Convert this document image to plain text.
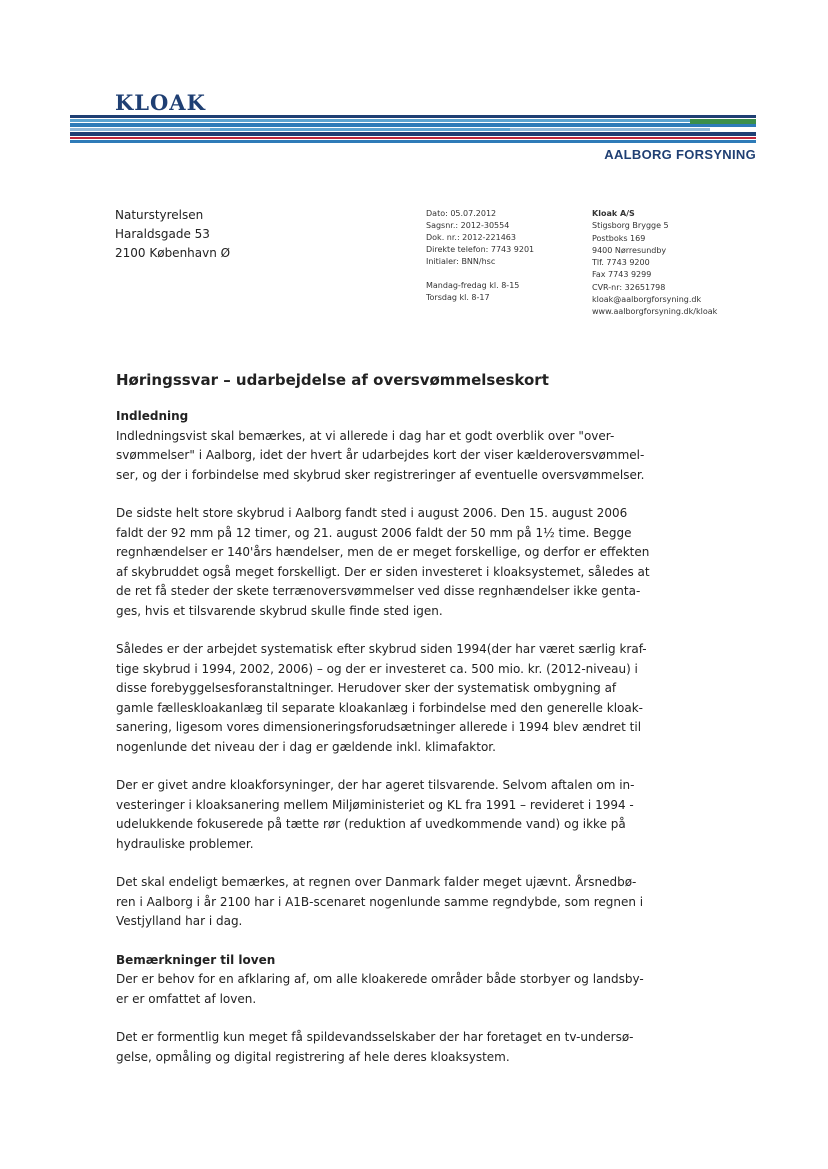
KLOAK
AALBORG FORSYNING
Naturstyrelsen
Haraldsgade 53
2100 København Ø
Dato: 05.07.2012
Sagsnr.: 2012-30554
Dok. nr.: 2012-221463
Direkte telefon: 7743 9201
Initialer: BNN/hsc
Mandag-fredag kl. 8-15
Torsdag kl. 8-17
Kloak A/S
Stigsborg Brygge 5
Postboks 169
9400 Nørresundby
Tlf. 7743 9200
Fax 7743 9299
CVR-nr: 32651798
kloak@aalborgforsyning.dk
www.aalborgforsyning.dk/kloak
Høringssvar – udarbejdelse af oversvømmelseskort
Indledning

Indledningsvist skal bemærkes, at vi allerede i dag har et godt overblik over "over-
svømmelser" i Aalborg, idet der hvert år udarbejdes kort der viser kælderoversvømmel-
ser, og der i forbindelse med skybrud sker registreringer af eventuelle oversvømmelser.

De sidste helt store skybrud i Aalborg fandt sted i august 2006. Den 15. august 2006
faldt der 92 mm på 12 timer, og 21. august 2006 faldt der 50 mm på 1½ time. Begge
regnhændelser er 140'års hændelser, men de er meget forskellige, og derfor er effekten
af skybruddet også meget forskelligt. Der er siden investeret i kloaksystemet, således at
de ret få steder der skete terrænoversvømmelser ved disse regnhændelser ikke genta-
ges, hvis et tilsvarende skybrud skulle finde sted igen.

Således er der arbejdet systematisk efter skybrud siden 1994(der har været særlig kraf-
tige skybrud i 1994, 2002, 2006) – og der er investeret ca. 500 mio. kr. (2012-niveau) i
disse forebyggelsesforanstaltninger. Herudover sker der systematisk ombygning af
gamle fælleskloakanlæg til separate kloakanlæg i forbindelse med den generelle kloak-
sanering, ligesom vores dimensioneringsforudsætninger allerede i 1994 blev ændret til
nogenlunde det niveau der i dag er gældende inkl. klimafaktor.

Der er givet andre kloakforsyninger, der har ageret tilsvarende. Selvom aftalen om in-
vesteringer i kloaksanering mellem Miljøministeriet og KL fra 1991 – revideret i 1994 -
udelukkende fokuserede på tætte rør (reduktion af uvedkommende vand) og ikke på
hydrauliske problemer.

Det skal endeligt bemærkes, at regnen over Danmark falder meget ujævnt. Årsnedbø-
ren i Aalborg i år 2100 har i A1B-scenaret nogenlunde samme regndybde, som regnen i
Vestjylland har i dag.

Bemærkninger til loven

Der er behov for en afklaring af, om alle kloakerede områder både storbyer og landsby-
er er omfattet af loven.

Det er formentlig kun meget få spildevandsselskaber der har foretaget en tv-undersø-
gelse, opmåling og digital registrering af hele deres kloaksystem.
